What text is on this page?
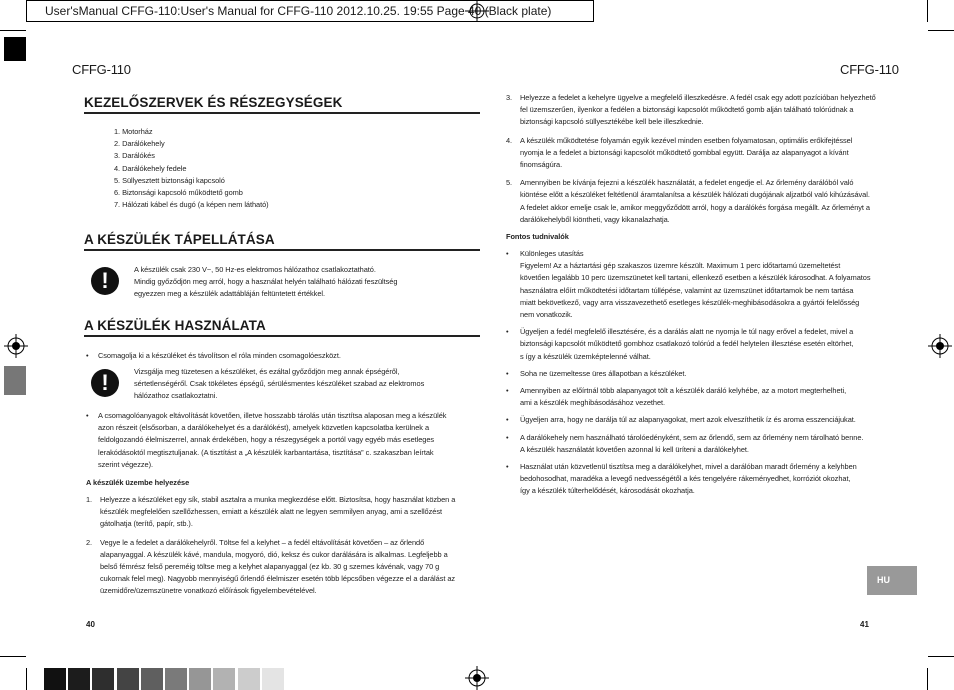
User'sManual CFFG-110:User's Manual for CFFG-110 2012.10.25. 19:55 Page 40 (Black plate)
CFFG-110
KEZELŐSZERVEK ÉS RÉSZEGYSÉGEK

1. Motorház

2. Darálókehely

3. Darálókés

4. Darálókehely fedele

5. Süllyesztett biztonsági kapcsoló

6. Biztonsági kapcsoló működtető gomb

7. Hálózati kábel és dugó (a képen nem látható)

A KÉSZÜLÉK TÁPELLÁTÁSA
!	A készülék csak 230 V~, 50 Hz-es elektromos hálózathoz csatlakoztatható.

Mindig győződjön meg arról, hogy a használat helyén található hálózati feszültség

egyezzen meg a készülék adattábláján feltüntetett értékkel.

A KÉSZÜLÉK HASZNÁLATA
• Csomagolja ki a készüléket és távolítson el róla minden csomagolóeszközt.
!	Vizsgálja meg tüzetesen a készüléket, és ezáltal győződjön meg annak épségéről,

sértetlenségéről. Csak tökéletes épségű, sérülésmentes készüléket szabad az elektromos

hálózathoz csatlakoztatni.

• A csomagolóanyagok eltávolítását követően, illetve hosszabb tárolás után tisztítsa alaposan meg a készülék

azon részeit (elsősorban, a darálókehelyet és a darálókést), amelyek közvetlen kapcsolatba kerülnek a

feldolgozandó élelmiszerrel, annak érdekében, hogy a részegységek a portól vagy egyéb más esetleges

lerakódásoktól megtisztuljanak. (A tisztítást a „A készülék karbantartása, tisztítása” c. szakaszban leírtak

szerint végezze).

A készülék üzembe helyezése
1.	Helyezze a készüléket egy sík, stabil asztalra a munka megkezdése előtt. Biztosítsa, hogy használat közben a

készülék megfelelően szellőzhessen, emiatt a készülék alatt ne legyen semmilyen anyag, ami a szellőzést

gátolhatja (terítő, papír, stb.).

2.	Vegye le a fedelet a darálókehelyről. Töltse fel a kelyhet – a fedél eltávolítását követően – az őrlendő

alapanyaggal. A készülék kávé, mandula, mogyoró, dió, keksz és cukor darálására is alkalmas. Legfeljebb a

belső fémrész felső pereméig töltse meg a kelyhet alapanyaggal (ez kb. 30 g szemes kávénak, vagy 70 g

cukornak felel meg). Nagyobb mennyiségű őrlendő élelmiszer esetén több lépcsőben végezze el a darálást az

üzemidőre/üzemszünetre vonatkozó előírások figyelembevételével.

40
CFFG-110
3.	Helyezze a fedelet a kehelyre ügyelve a megfelelő illeszkedésre. A fedél csak egy adott pozícióban helyezhető

fel üzemszerűen, ilyenkor a fedélen a biztonsági kapcsolót működtető gomb alján található tolórúdnak a

biztonsági kapcsoló süllyesztékébe kell bele illeszkednie.

4.	A készülék működtetése folyamán egyik kezével minden esetben folyamatosan, optimális erőkifejtéssel

nyomja le a fedelet a biztonsági kapcsolót működtető gombbal együtt. Darálja az alapanyagot a kívánt

finomságúra.

5.	Amennyiben be kívánja fejezni a készülék használatát, a fedelet engedje el. Az őrlemény darálóból való

kiöntése előtt a készüléket feltétlenül áramtalanítsa a készülék hálózati dugójának aljzatból való kihúzásával.

A fedelet akkor emelje csak le, amikor meggyőződött arról, hogy a darálókés forgása megállt. Az őrleményt a

darálókehelyből kiöntheti, vagy kikanalazhatja.

Fontos tudnivalók
•	Különleges utasítás

Figyelem! Az a háztartási gép szakaszos üzemre készült. Maximum 1 perc időtartamú üzemeltetést

követően legalább 10 perc üzemszünetet kell tartani, ellenkező esetben a készülék károsodhat. A folyamatos

használatra előírt működtetési időtartam túllépése, valamint az üzemszünet időtartamok be nem tartása

miatt bekövetkező, vagy arra visszavezethető esetleges készülék-meghibásodásokra a gyártói felelősség

nem vonatkozik.

•	Ügyeljen a fedél megfelelő illesztésére, és a darálás alatt ne nyomja le túl nagy erővel a fedelet, mivel a

biztonsági kapcsolót működtető gombhoz csatlakozó tolórúd a fedél helytelen illesztése esetén eltörhet,

s így a készülék üzemképtelenné válhat.

•	Soha ne üzemeltesse üres állapotban a készüléket.

•	Amennyiben az előírtnál több alapanyagot tölt a készülék daráló kelyhébe, az a motort megterhelheti,

ami a készülék meghibásodásához vezethet.

•	Ügyeljen arra, hogy ne darálja túl az alapanyagokat, mert azok elveszíthetik íz és aroma esszenciájukat.

•	A darálókehely nem használható tárolóedényként, sem az őrlendő, sem az őrlemény nem tárolható benne.

A készülék használatát követően azonnal ki kell üríteni a darálókelyhet.

•	Használat után közvetlenül tisztítsa meg a darálókelyhet, mivel a darálóban maradt őrlemény a kelyhben

bedohosodhat, maradéka a levegő nedvességétől a kés tengelyére rákeményedhet, korróziót okozhat,

így a készülék túlterhelődését, károsodását okozhatja.

HU
41
